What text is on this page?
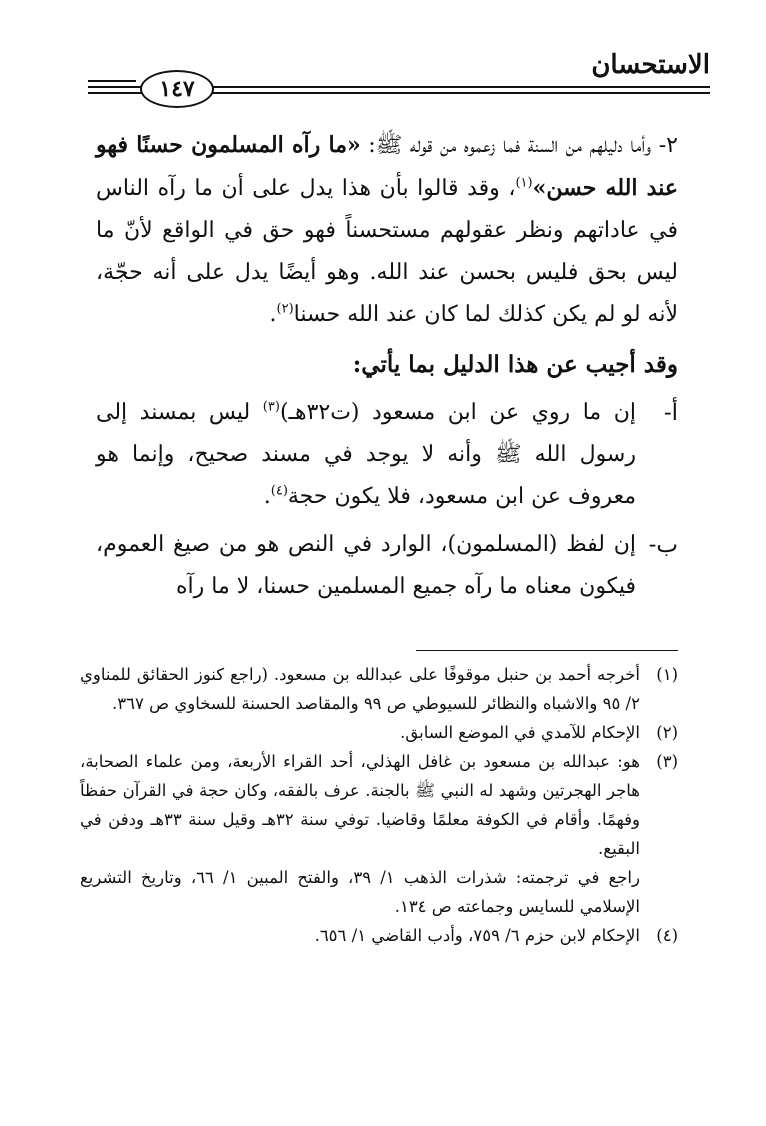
الاستحسان
١٤٧

٢- وأما دليلهم من السنة فما زعموه من قوله ﷺ: «ما رآه المسلمون حسنًا فهو عند الله حسن»$^{(١)}$، وقد قالوا بأن هذا يدل على أن ما رآه الناس في عاداتهم ونظر عقولهم مستحسناً فهو حق في الواقع لأنّ ما ليس بحق فليس بحسن عند الله. وهو أيضًا يدل على أنه حجّة، لأنه لو لم يكن كذلك لما كان عند الله حسنا$^{(٢)}$.

وقد أجيب عن هذا الدليل بما يأتي:
أ-
إن ما روي عن ابن مسعود (ت٣٢هـ)$^{(٣)}$ ليس بمسند إلى رسول الله ﷺ وأنه لا يوجد في مسند صحيح، وإنما هو معروف عن ابن مسعود، فلا يكون حجة$^{(٤)}$.
ب-
إن لفظ (المسلمون)، الوارد في النص هو من صيغ العموم، فيكون معناه ما رآه جميع المسلمين حسنا، لا ما رآه
(١)
أخرجه أحمد بن حنبل موقوفًا على عبدالله بن مسعود. (راجع كنوز الحقائق للمناوي ٢/ ٩٥ والاشباه والنظائر للسيوطي ص ٩٩ والمقاصد الحسنة للسخاوي ص ٣٦٧.
(٢)
الإحكام للآمدي في الموضع السابق.
(٣)
هو: عبدالله بن مسعود بن غافل الهذلي، أحد القراء الأربعة، ومن علماء الصحابة، هاجر الهجرتين وشهد له النبي ﷺ بالجنة. عرف بالفقه، وكان حجة في القرآن حفظاً وفهمًا. وأقام في الكوفة معلمًا وقاضيا. توفي سنة ٣٢هـ وقيل سنة ٣٣هـ ودفن في البقيع.
راجع في ترجمته: شذرات الذهب ١/ ٣٩، والفتح المبين ١/ ٦٦، وتاريخ التشريع الإسلامي للسايس وجماعته ص ١٣٤.
(٤)
الإحكام لابن حزم ٦/ ٧٥٩، وأدب القاضي ١/ ٦٥٦.
